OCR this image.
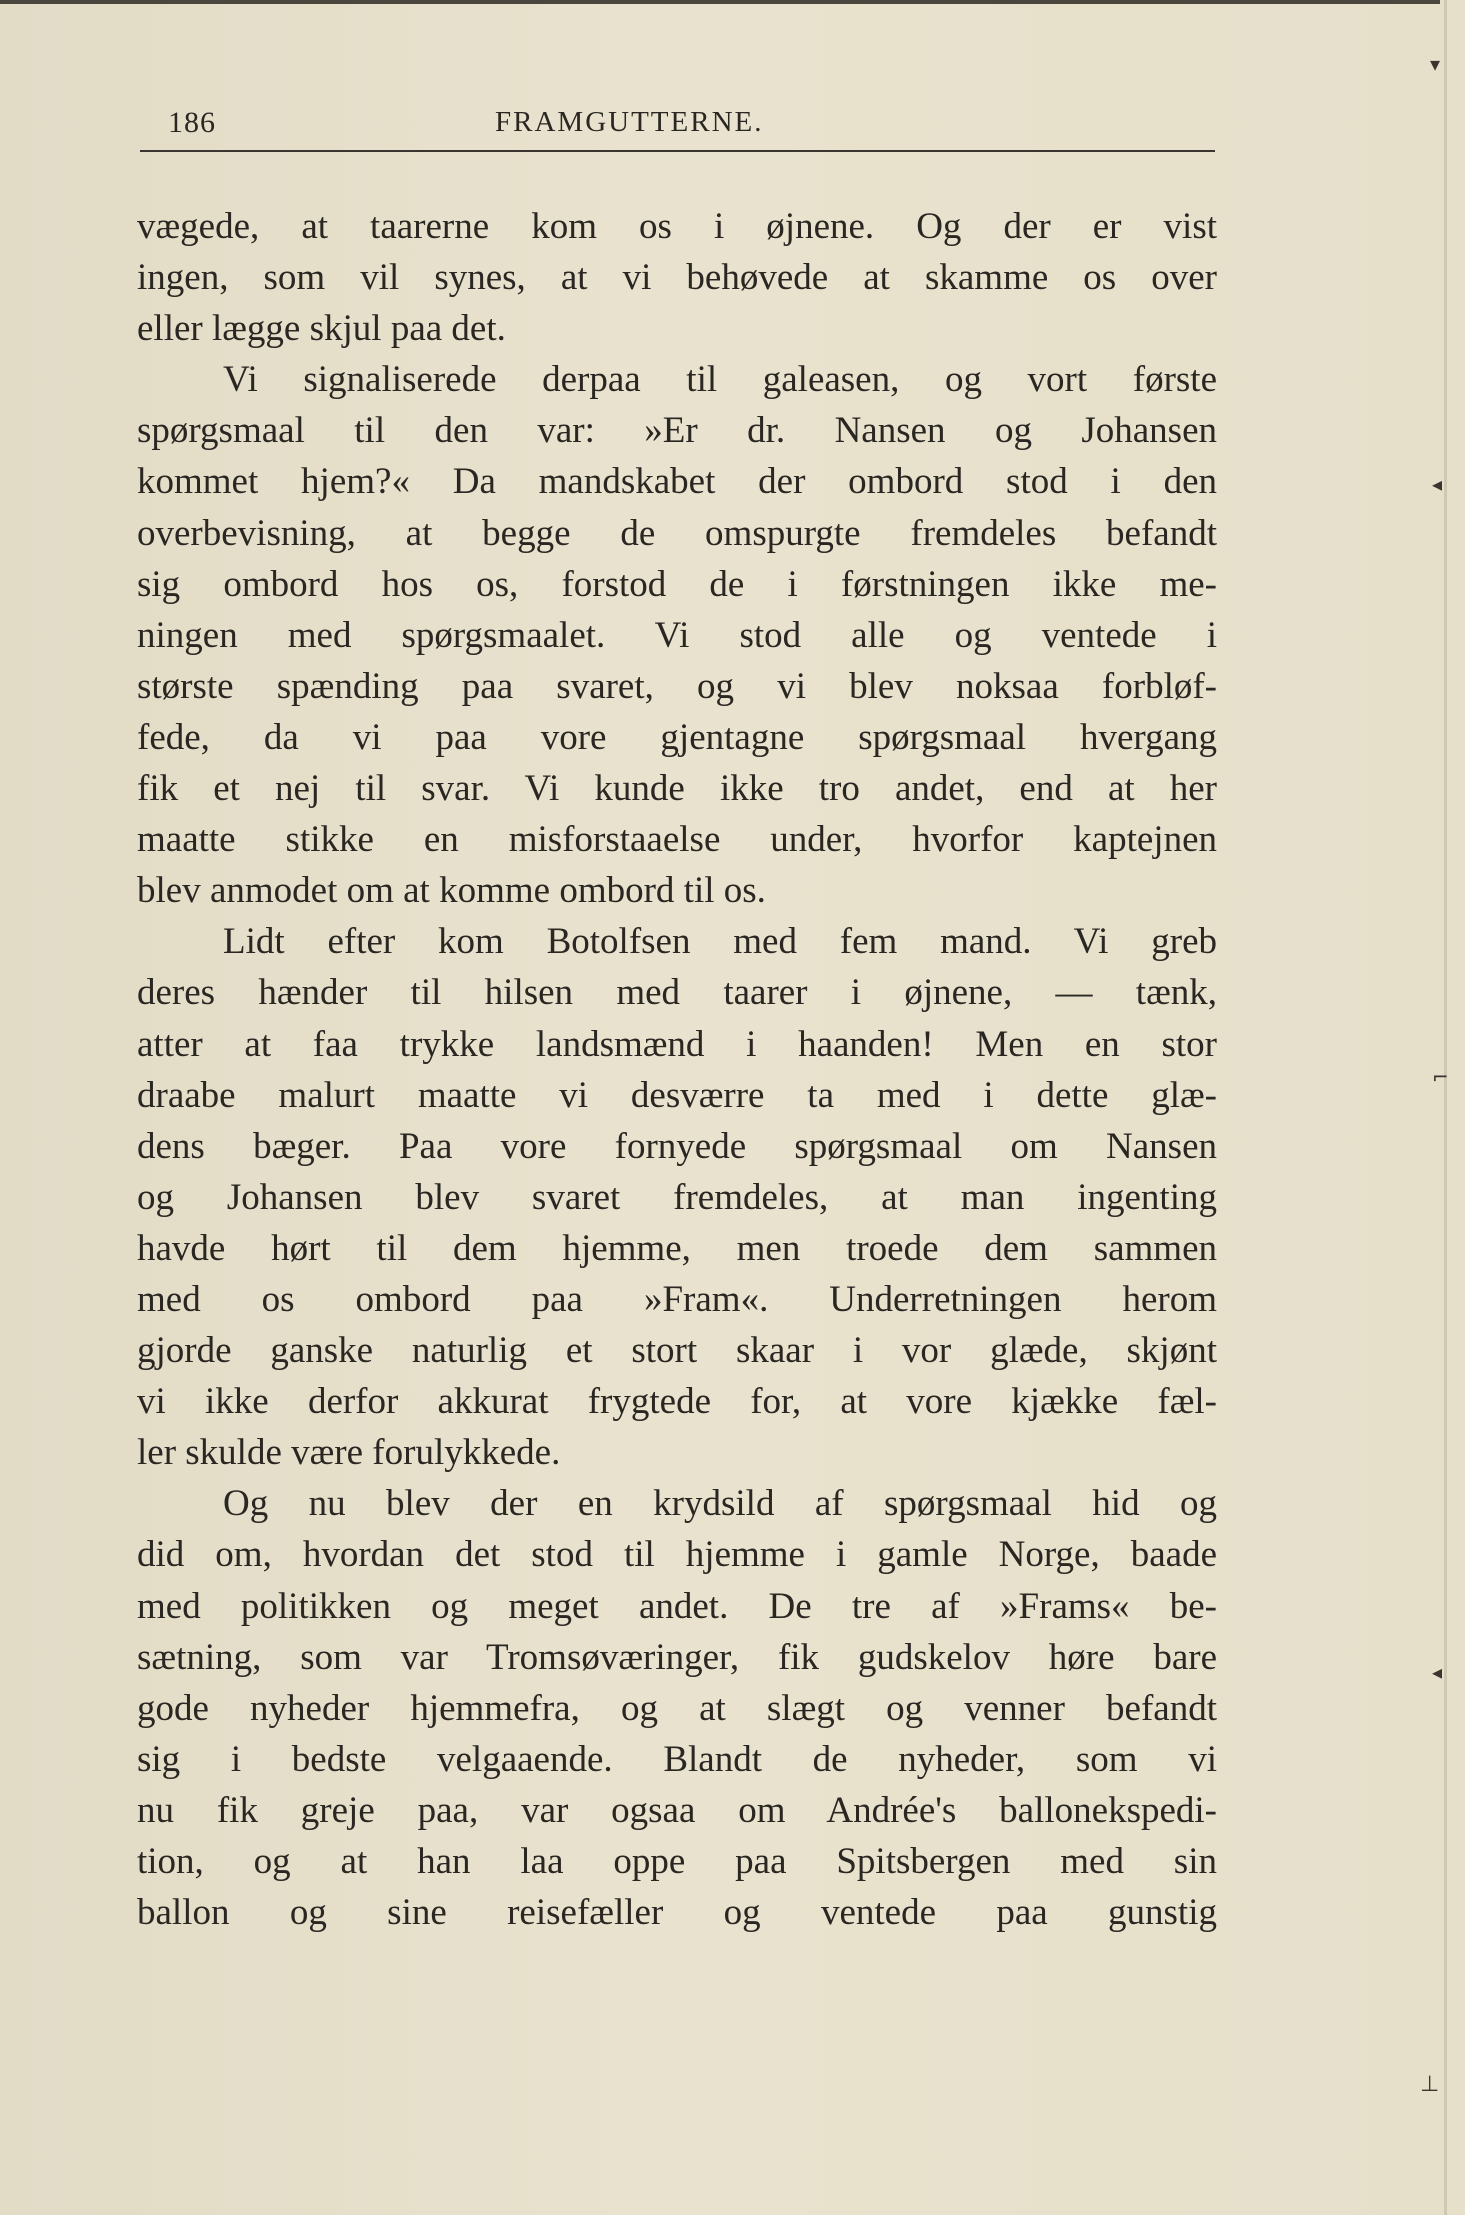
186	FRAMGUTTERNE.
vægede, at taarerne kom os i øjnene. Og der er vist
ingen, som vil synes, at vi behøvede at skamme os over
eller lægge skjul paa det.
Vi signaliserede derpaa til galeasen, og vort første
spørgsmaal til den var: »Er dr. Nansen og Johansen
kommet hjem?« Da mandskabet der ombord stod i den
overbevisning, at begge de omspurgte fremdeles befandt
sig ombord hos os, forstod de i førstningen ikke me-
ningen med spørgsmaalet. Vi stod alle og ventede i
største spænding paa svaret, og vi blev noksaa forbløf-
fede, da vi paa vore gjentagne spørgsmaal hvergang
fik et nej til svar. Vi kunde ikke tro andet, end at her
maatte stikke en misforstaaelse under, hvorfor kaptejnen
blev anmodet om at komme ombord til os.
Lidt efter kom Botolfsen med fem mand. Vi greb
deres hænder til hilsen med taarer i øjnene, — tænk,
atter at faa trykke landsmænd i haanden! Men en stor
draabe malurt maatte vi desværre ta med i dette glæ-
dens bæger. Paa vore fornyede spørgsmaal om Nansen
og Johansen blev svaret fremdeles, at man ingenting
havde hørt til dem hjemme, men troede dem sammen
med os ombord paa »Fram«. Underretningen herom
gjorde ganske naturlig et stort skaar i vor glæde, skjønt
vi ikke derfor akkurat frygtede for, at vore kjække fæl-
ler skulde være forulykkede.
Og nu blev der en krydsild af spørgsmaal hid og
did om, hvordan det stod til hjemme i gamle Norge, baade
med politikken og meget andet. De tre af »Frams« be-
sætning, som var Tromsøværinger, fik gudskelov høre bare
gode nyheder hjemmefra, og at slægt og venner befandt
sig i bedste velgaaende. Blandt de nyheder, som vi
nu fik greje paa, var ogsaa om Andrée's ballonekspedi-
tion, og at han laa oppe paa Spitsbergen med sin
ballon og sine reisefæller og ventede paa gunstig
▾
◂
⌐
◂
⊥
